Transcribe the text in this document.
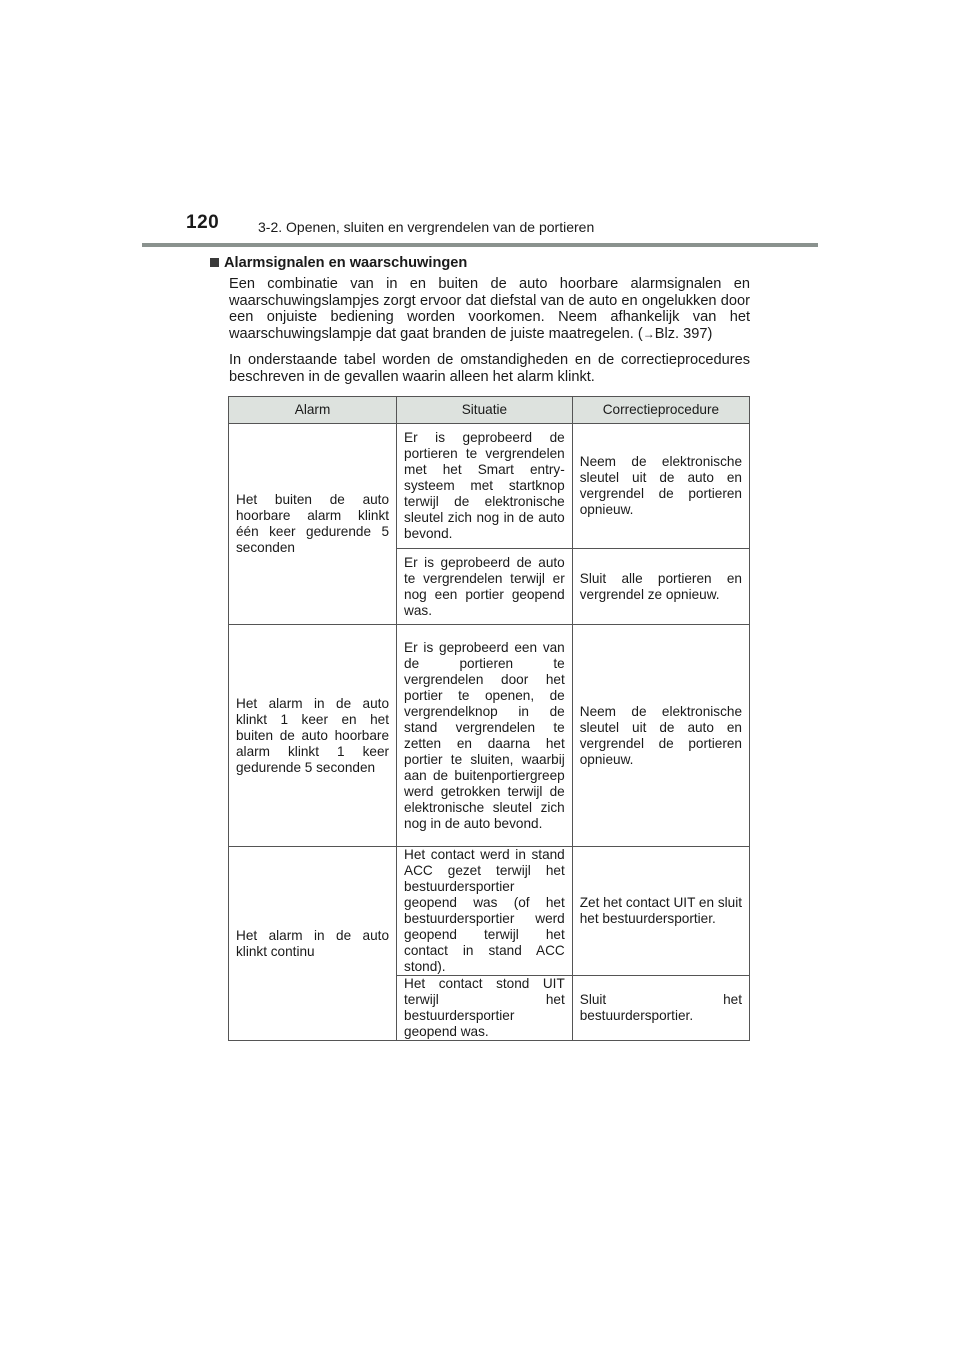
120	3-2. Openen, sluiten en vergrendelen van de portieren
Alarmsignalen en waarschuwingen

Een combinatie van in en buiten de auto hoorbare alarmsignalen en waarschuwingslampjes zorgt ervoor dat diefstal van de auto en ongelukken door een onjuiste bediening worden voorkomen. Neem afhankelijk van het waarschuwingslampje dat gaat branden de juiste maatregelen. (→Blz. 397)

In onderstaande tabel worden de omstandigheden en de correctieprocedures beschreven in de gevallen waarin alleen het alarm klinkt.

Alarm	Situatie	Correctieprocedure
Het buiten de auto hoorbare alarm klinkt één keer gedurende 5 seconden	Er is geprobeerd de portieren te vergrendelen met het Smart entry-systeem met startknop terwijl de elektronische sleutel zich nog in de auto bevond.	Neem de elektronische sleutel uit de auto en vergrendel de portieren opnieuw.
	Er is geprobeerd de auto te vergrendelen terwijl er nog een portier geopend was.	Sluit alle portieren en vergrendel ze opnieuw.
Het alarm in de auto klinkt 1 keer en het buiten de auto hoorbare alarm klinkt 1 keer gedurende 5 seconden	Er is geprobeerd een van de portieren te vergrendelen door het portier te openen, de vergrendelknop in de stand vergrendelen te zetten en daarna het portier te sluiten, waarbij aan de buitenportiergreep werd getrokken terwijl de elektronische sleutel zich nog in de auto bevond.	Neem de elektronische sleutel uit de auto en vergrendel de portieren opnieuw.
Het alarm in de auto klinkt continu	Het contact werd in stand ACC gezet terwijl het bestuurdersportier geopend was (of het bestuurdersportier werd geopend terwijl het contact in stand ACC stond).	Zet het contact UIT en sluit het bestuurdersportier.
	Het contact stond UIT terwijl het bestuurdersportier geopend was.	Sluit het bestuurdersportier.
